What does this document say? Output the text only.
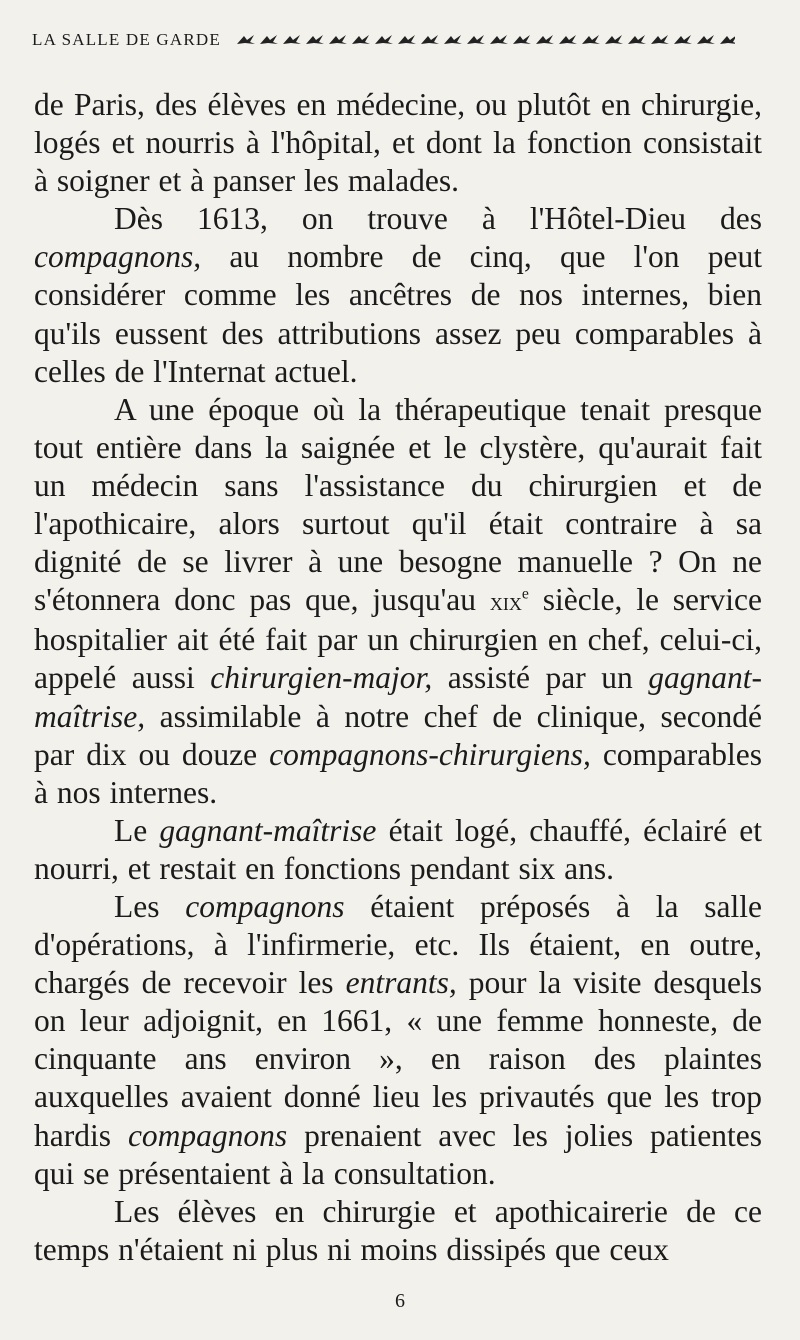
LA SALLE DE GARDE

de Paris, des élèves en médecine, ou plutôt en chirurgie, logés et nourris à l'hôpital, et dont la fonction consistait à soigner et à panser les malades.

Dès 1613, on trouve à l'Hôtel-Dieu des compagnons, au nombre de cinq, que l'on peut considérer comme les ancêtres de nos internes, bien qu'ils eussent des attributions assez peu comparables à celles de l'Internat actuel.

A une époque où la thérapeutique tenait presque tout entière dans la saignée et le clystère, qu'aurait fait un médecin sans l'assistance du chirurgien et de l'apothicaire, alors surtout qu'il était contraire à sa dignité de se livrer à une besogne manuelle ? On ne s'étonnera donc pas que, jusqu'au xix$^e$ siècle, le service hospitalier ait été fait par un chirurgien en chef, celui-ci, appelé aussi chirurgien-major, assisté par un gagnant-maîtrise, assimilable à notre chef de clinique, secondé par dix ou douze compagnons-chirurgiens, comparables à nos internes.

Le gagnant-maîtrise était logé, chauffé, éclairé et nourri, et restait en fonctions pendant six ans.

Les compagnons étaient préposés à la salle d'opérations, à l'infirmerie, etc. Ils étaient, en outre, chargés de recevoir les entrants, pour la visite desquels on leur adjoignit, en 1661, « une femme honneste, de cinquante ans environ », en raison des plaintes auxquelles avaient donné lieu les privautés que les trop hardis compagnons prenaient avec les jolies patientes qui se présentaient à la consultation.

Les élèves en chirurgie et apothicairerie de ce temps n'étaient ni plus ni moins dissipés que ceux

6
